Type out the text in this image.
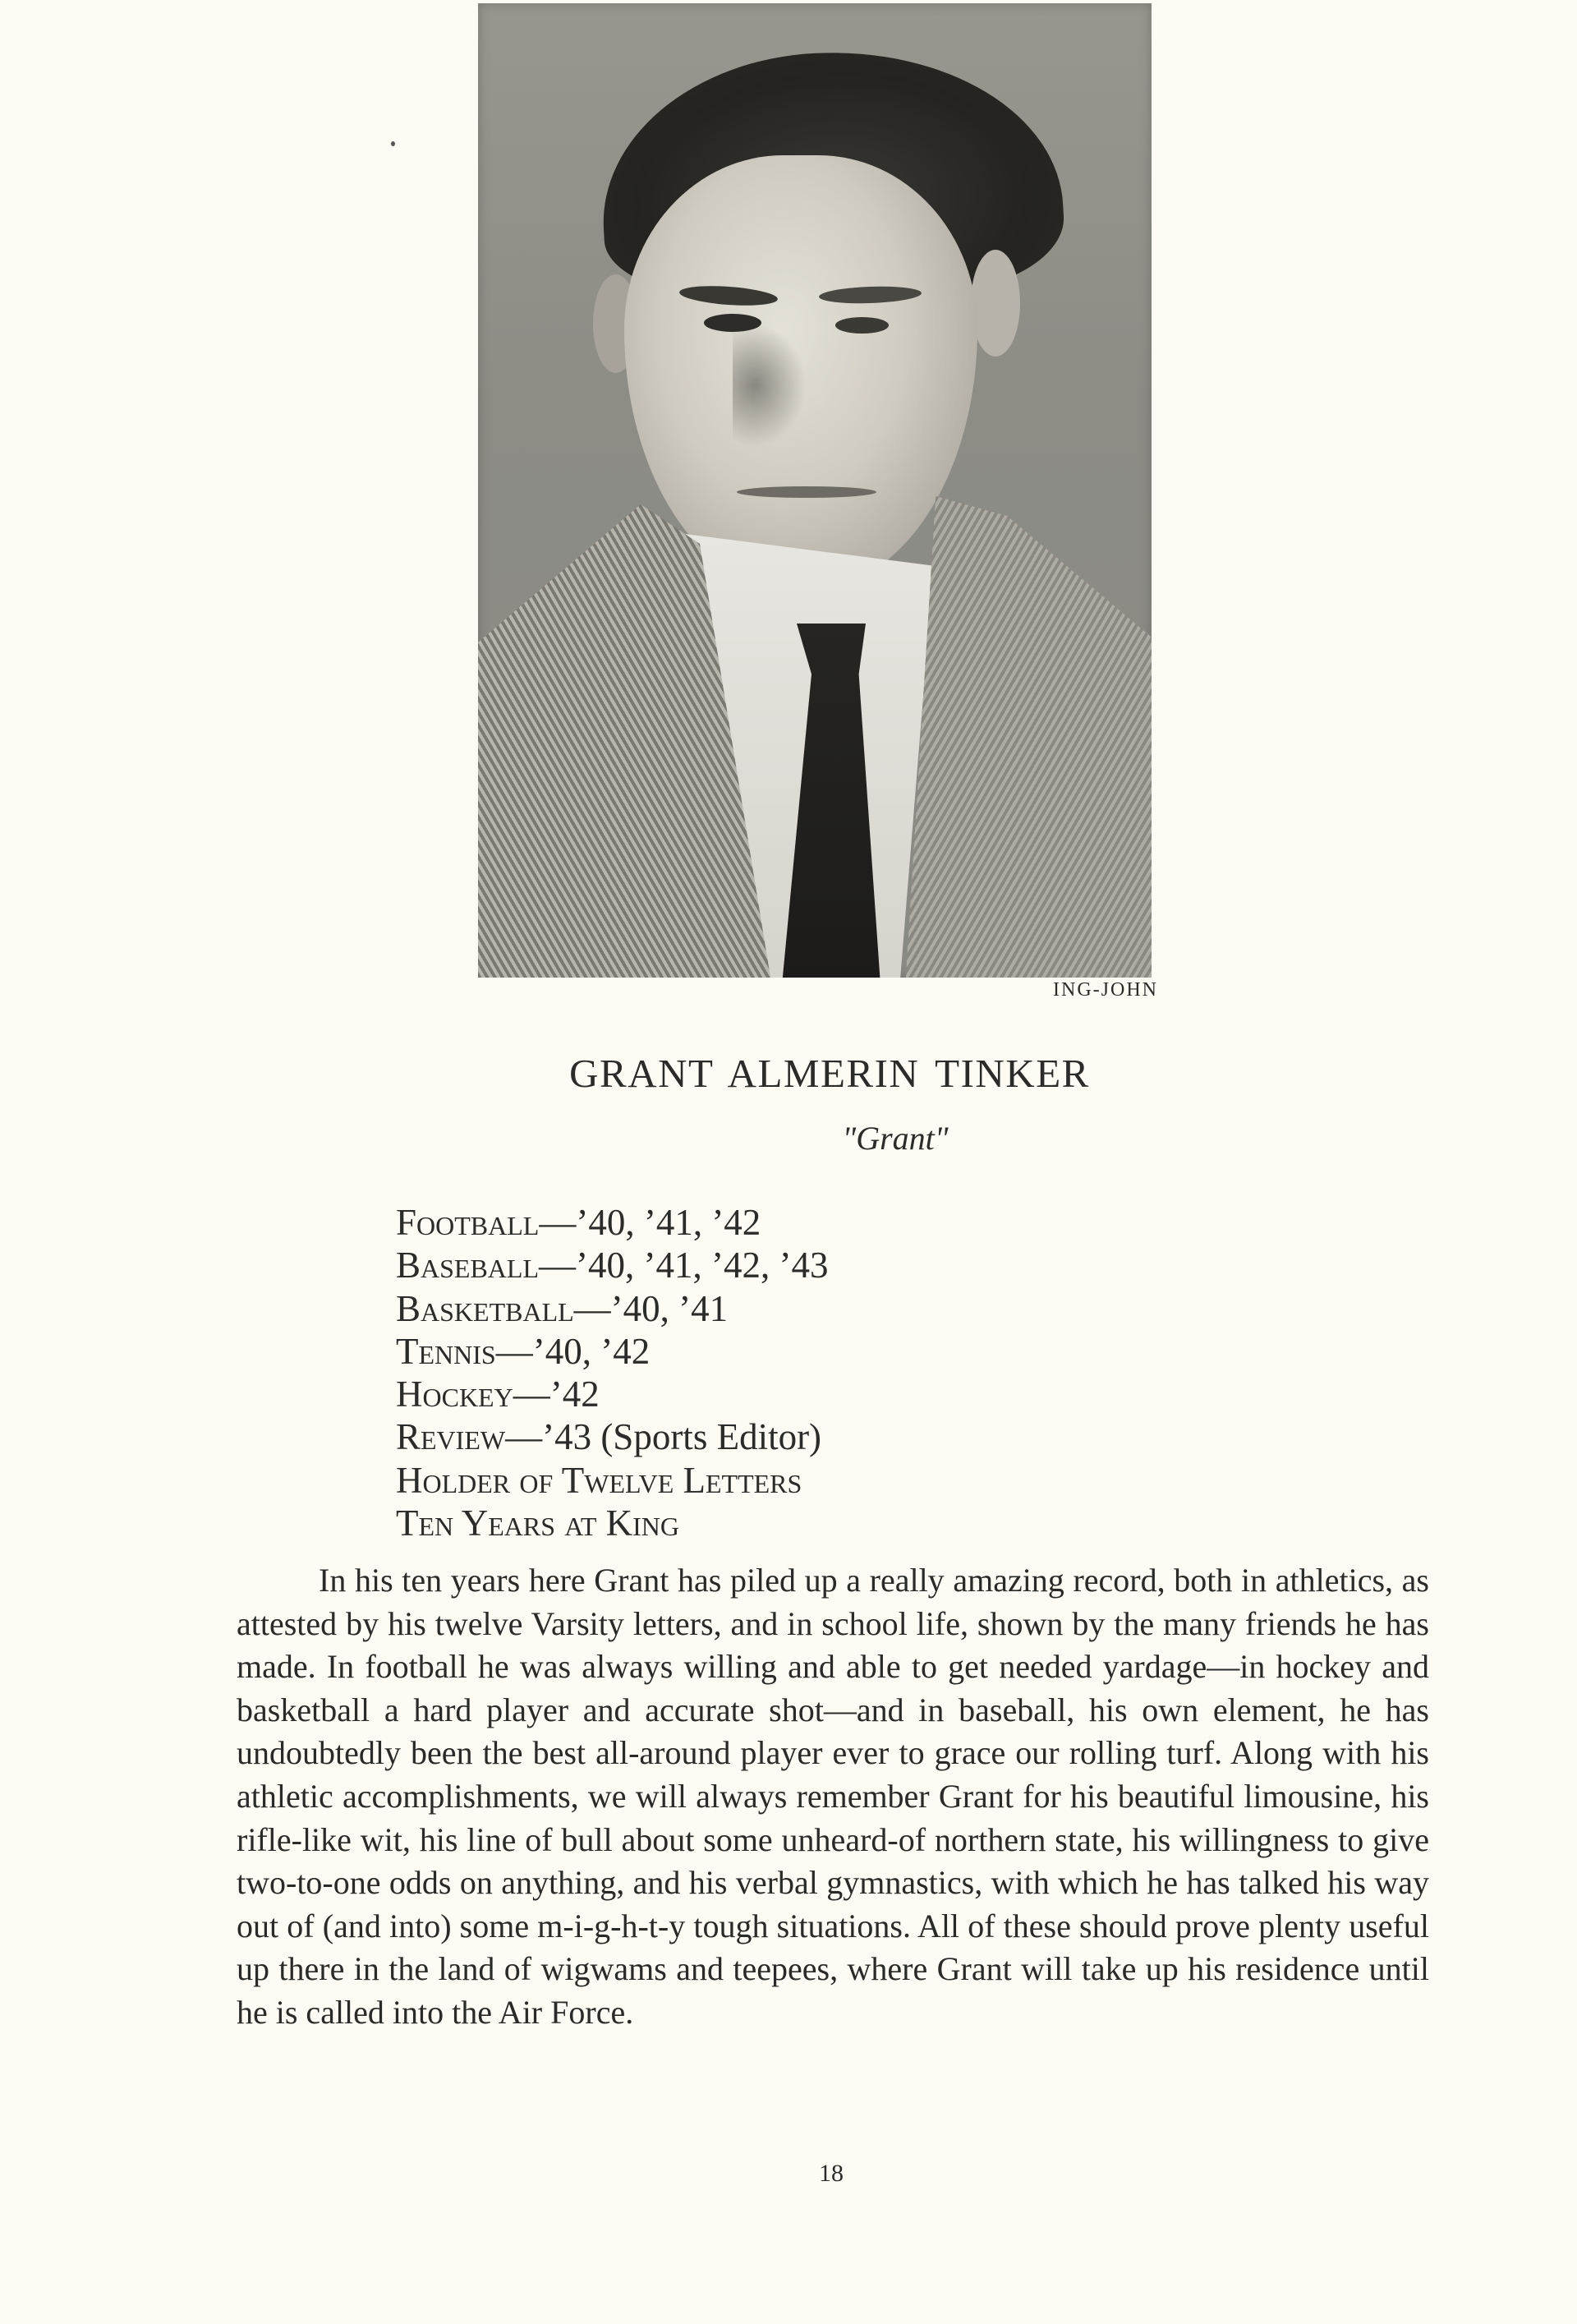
ING-JOHN
GRANT ALMERIN TINKER
"Grant"
Football—’40, ’41, ’42
Baseball—’40, ’41, ’42, ’43
Basketball—’40, ’41
Tennis—’40, ’42
Hockey—’42
Review—’43 (Sports Editor)
Holder of Twelve Letters
Ten Years at King

In his ten years here Grant has piled up a really amazing record, both in athletics, as attested by his twelve Varsity letters, and in school life, shown by the many friends he has made. In football he was always willing and able to get needed yardage—in hockey and basketball a hard player and accurate shot—and in baseball, his own element, he has undoubtedly been the best all-around player ever to grace our rolling turf. Along with his athletic accomplishments, we will always remember Grant for his beautiful limousine, his rifle-like wit, his line of bull about some unheard-of northern state, his willingness to give two-to-one odds on anything, and his verbal gymnastics, with which he has talked his way out of (and into) some m-i-g-h-t-y tough situations. All of these should prove plenty useful up there in the land of wigwams and teepees, where Grant will take up his residence until he is called into the Air Force.

18
